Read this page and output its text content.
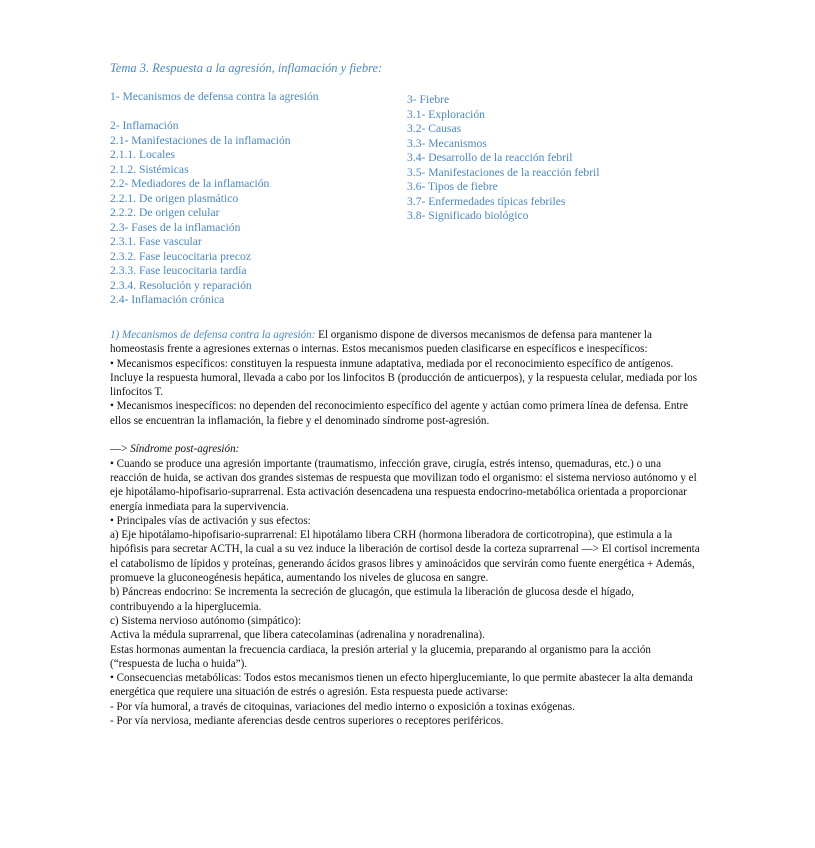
Tema 3. Respuesta a la agresión, inflamación y fiebre:
1- Mecanismos de defensa contra la agresión
2- Inflamación
2.1- Manifestaciones de la inflamación
2.1.1. Locales
2.1.2. Sistémicas
2.2- Mediadores de la inflamación
2.2.1. De origen plasmático
2.2.2. De origen celular
2.3- Fases de la inflamación
2.3.1. Fase vascular
2.3.2. Fase leucocitaria precoz
2.3.3. Fase leucocitaria tardía
2.3.4. Resolución y reparación
2.4- Inflamación crónica
3- Fiebre
3.1- Exploración
3.2- Causas
3.3- Mecanismos
3.4- Desarrollo de la reacción febril
3.5- Manifestaciones de la reacción febril
3.6- Tipos de fiebre
3.7- Enfermedades típicas febriles
3.8- Significado biológico

1) Mecanismos de defensa contra la agresión: El organismo dispone de diversos mecanismos de defensa para mantener la homeostasis frente a agresiones externas o internas. Estos mecanismos pueden clasificarse en específicos e inespecíficos:

• Mecanismos específicos: constituyen la respuesta inmune adaptativa, mediada por el reconocimiento específico de antígenos. Incluye la respuesta humoral, llevada a cabo por los linfocitos B (producción de anticuerpos), y la respuesta celular, mediada por los linfocitos T.

• Mecanismos inespecíficos: no dependen del reconocimiento específico del agente y actúan como primera línea de defensa. Entre ellos se encuentran la inflamación, la fiebre y el denominado síndrome post-agresión.

—> Síndrome post-agresión:

• Cuando se produce una agresión importante (traumatismo, infección grave, cirugía, estrés intenso, quemaduras, etc.) o una reacción de huida, se activan dos grandes sistemas de respuesta que movilizan todo el organismo: el sistema nervioso autónomo y el eje hipotálamo-hipofisario-suprarrenal. Esta activación desencadena una respuesta endocrino-metabólica orientada a proporcionar energía inmediata para la supervivencia.

• Principales vías de activación y sus efectos:

a) Eje hipotálamo-hipofisario-suprarrenal: El hipotálamo libera CRH (hormona liberadora de corticotropina), que estimula a la hipófisis para secretar ACTH, la cual a su vez induce la liberación de cortisol desde la corteza suprarrenal —> El cortisol incrementa el catabolismo de lípidos y proteínas, generando ácidos grasos libres y aminoácidos que servirán como fuente energética + Además, promueve la gluconeogénesis hepática, aumentando los niveles de glucosa en sangre.

b) Páncreas endocrino: Se incrementa la secreción de glucagón, que estimula la liberación de glucosa desde el hígado, contribuyendo a la hiperglucemia.

c) Sistema nervioso autónomo (simpático):

Activa la médula suprarrenal, que libera catecolaminas (adrenalina y noradrenalina).

Estas hormonas aumentan la frecuencia cardiaca, la presión arterial y la glucemia, preparando al organismo para la acción (“respuesta de lucha o huida”).

• Consecuencias metabólicas: Todos estos mecanismos tienen un efecto hiperglucemiante, lo que permite abastecer la alta demanda energética que requiere una situación de estrés o agresión. Esta respuesta puede activarse:

- Por vía humoral, a través de citoquinas, variaciones del medio interno o exposición a toxinas exógenas.

- Por vía nerviosa, mediante aferencias desde centros superiores o receptores periféricos.
